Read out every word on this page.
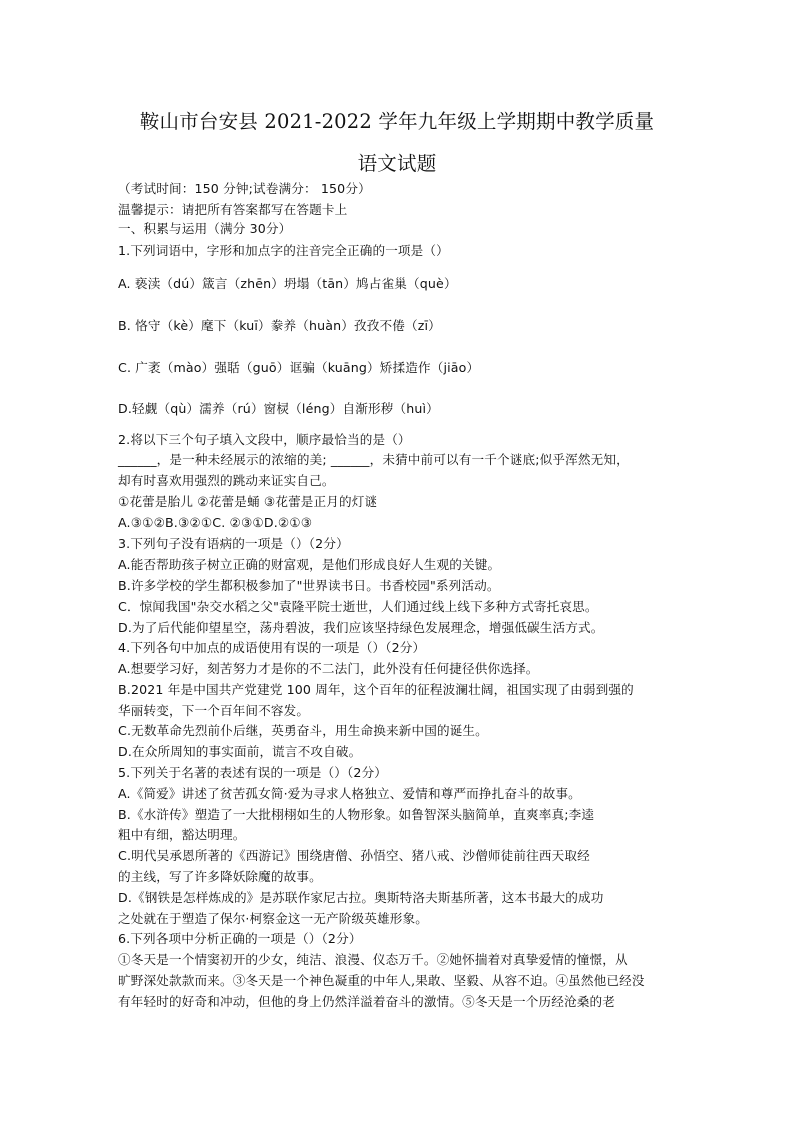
鞍山市台安县 2021-2022 学年九年级上学期期中教学质量
语文试题
（考试时间：150 分钟;试卷满分： 150分）
温馨提示：请把所有答案都写在答题卡上
一、积累与运用（满分 30分）
1.下列词语中，字形和加点字的注音完全正确的一项是（）
A. 亵渎（dú）箴言（zhēn）坍塌（tān）鸠占雀巢（què）
B. 恪守（kè）麾下（kuī）豢养（huàn）孜孜不倦（zī）
C. 广袤（mào）强聒（guō）诓骗（kuāng）矫揉造作（jiāo）
D.轻觑（qù）濡养（rú）窗棂（léng）自渐形秽（huì）
2.将以下三个句子填入文段中，顺序最恰当的是（）
______，是一种未经展示的浓缩的美; ______，未猜中前可以有一千个谜底;似乎浑然无知，
却有时喜欢用强烈的跳动来证实自己。
①花蕾是胎儿 ②花蕾是蛹 ③花蕾是正月的灯谜
A.③①②B.③②①C. ②③①D.②①③
3.下列句子没有语病的一项是（）（2分）
A.能否帮助孩子树立正确的财富观，是他们形成良好人生观的关键。
B.许多学校的学生都积极参加了"世界读书日。书香校园"系列活动。
C．惊闻我国"杂交水稻之父"袁隆平院士逝世，人们通过线上线下多种方式寄托哀思。
D.为了后代能仰望星空，荡舟碧波，我们应该坚持绿色发展理念，增强低碳生活方式。
4.下列各句中加点的成语使用有误的一项是（）（2分）
A.想要学习好，刻苦努力才是你的不二法门，此外没有任何捷径供你选择。
B.2021 年是中国共产党建党 100 周年，这个百年的征程波澜壮阔，祖国实现了由弱到强的
华丽转变，下一个百年间不容发。
C.无数革命先烈前仆后继，英勇奋斗，用生命换来新中国的诞生。
D.在众所周知的事实面前，谎言不攻自破。
5.下列关于名著的表述有误的一项是（）（2分）
A.《简爱》讲述了贫苦孤女简·爱为寻求人格独立、爱情和尊严而挣扎奋斗的故事。
B.《水浒传》塑造了一大批栩栩如生的人物形象。如鲁智深头脑简单，直爽率真;李逵
粗中有细，豁达明理。
C.明代吴承恩所著的《西游记》围绕唐僧、孙悟空、猪八戒、沙僧师徒前往西天取经
的主线，写了许多降妖除魔的故事。
D.《钢铁是怎样炼成的》是苏联作家尼古拉。奥斯特洛夫斯基所著，这本书最大的成功
之处就在于塑造了保尔·柯察金这一无产阶级英雄形象。
6.下列各项中分析正确的一项是（）（2分）
①冬天是一个情窦初开的少女，纯洁、浪漫、仪态万千。②她怀揣着对真挚爱情的憧憬，从
旷野深处款款而来。③冬天是一个神色凝重的中年人,果敢、坚毅、从容不迫。④虽然他已经没
有年轻时的好奇和冲动，但他的身上仍然洋溢着奋斗的激情。⑤冬天是一个历经沧桑的老
